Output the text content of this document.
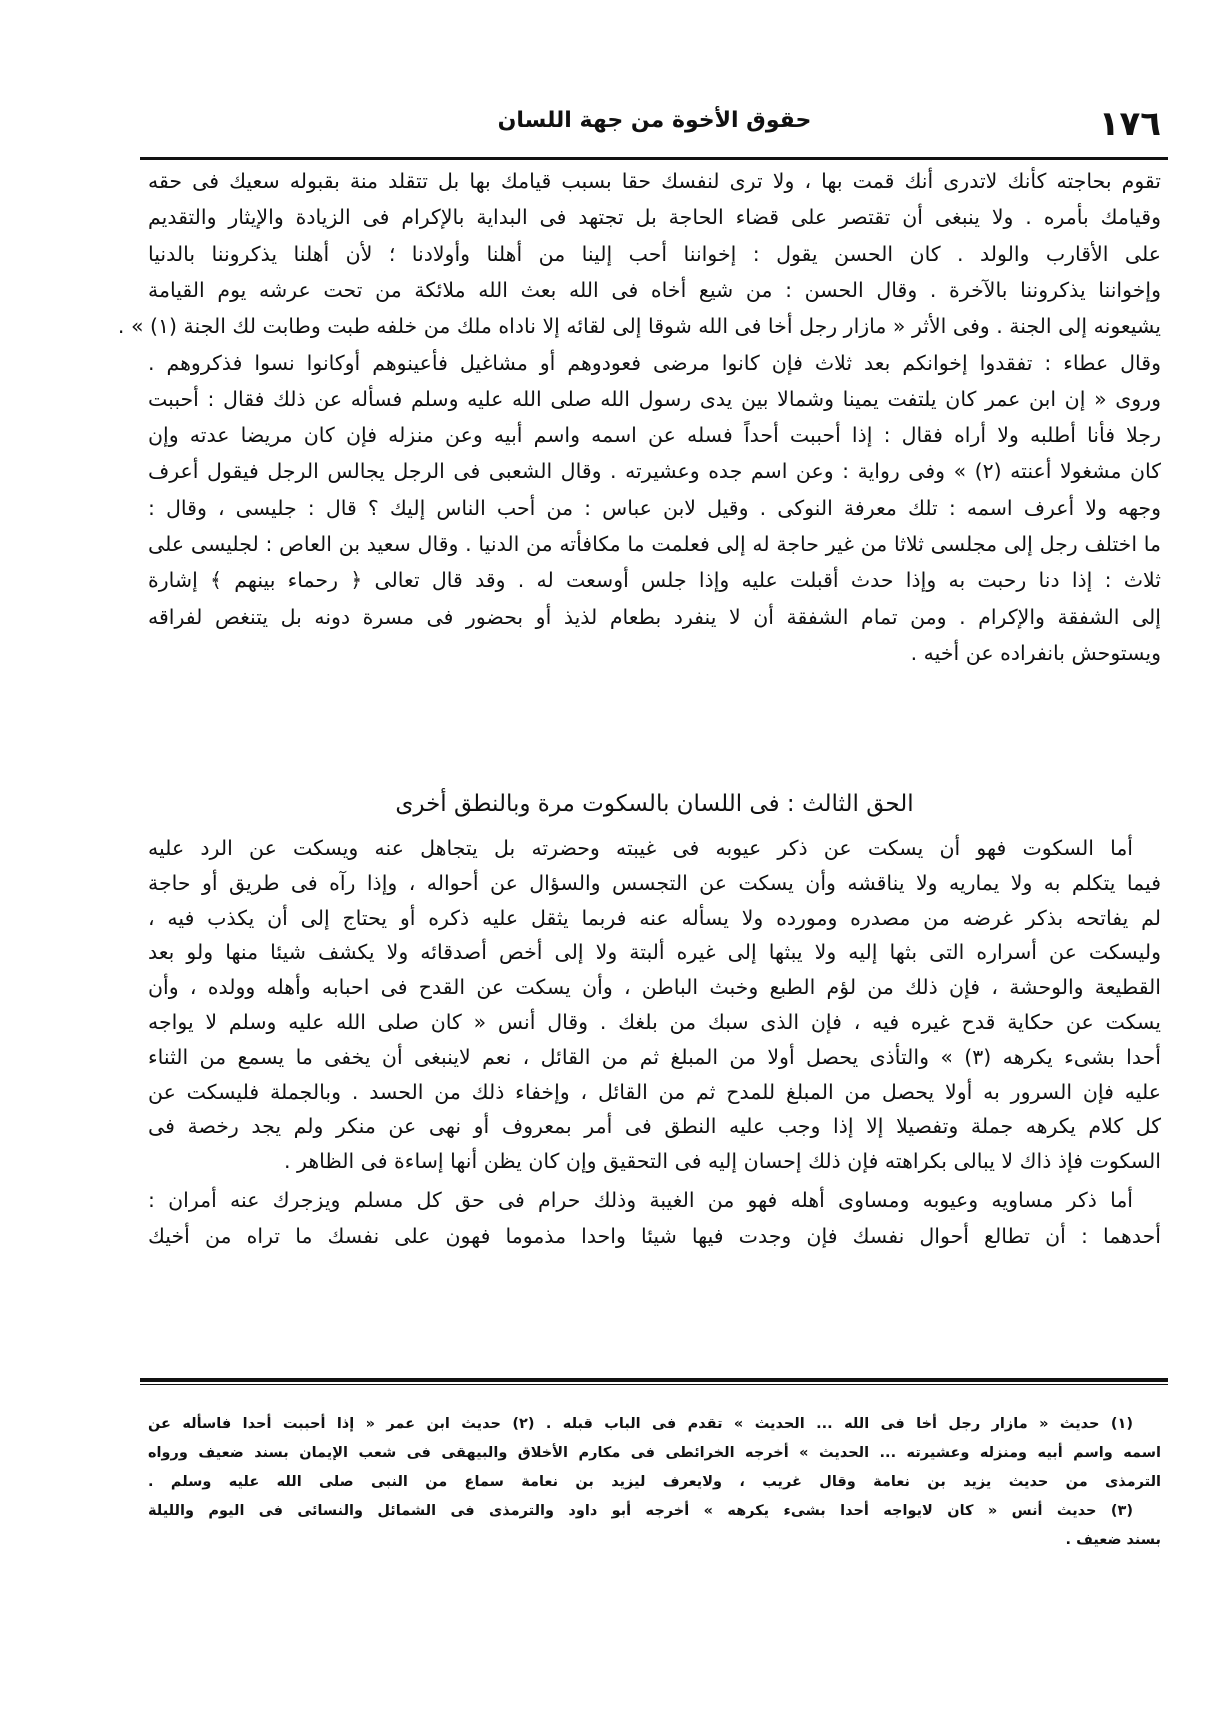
١٧٦
حقوق الأخوة من جهة اللسان
تقوم بحاجته كأنك لاتدرى أنك قمت بها ، ولا ترى لنفسك حقا بسبب قيامك بها بل تتقلد منة بقبوله سعيك فى حقه
وقيامك بأمره . ولا ينبغى أن تقتصر على قضاء الحاجة بل تجتهد فى البداية بالإكرام فى الزيادة والإيثار والتقديم
على الأقارب والولد . كان الحسن يقول : إخواننا أحب إلينا من أهلنا وأولادنا ؛ لأن أهلنا يذكروننا بالدنيا
وإخواننا يذكروننا بالآخرة . وقال الحسن : من شيع أخاه فى الله بعث الله ملائكة من تحت عرشه يوم القيامة
يشيعونه إلى الجنة . وفى الأثر « مازار رجل أخا فى الله شوقا إلى لقائه إلا ناداه ملك من خلفه طبت وطابت لك الجنة (١) » .
وقال عطاء : تفقدوا إخوانكم بعد ثلاث فإن كانوا مرضى فعودوهم أو مشاغيل فأعينوهم أوكانوا نسوا فذكروهم .
وروى « إن ابن عمر كان يلتفت يمينا وشمالا بين يدى رسول الله صلى الله عليه وسلم فسأله عن ذلك فقال : أحببت
رجلا فأنا أطلبه ولا أراه فقال : إذا أحببت أحداً فسله عن اسمه واسم أبيه وعن منزله فإن كان مريضا عدته وإن
كان مشغولا أعنته (٢) » وفى رواية : وعن اسم جده وعشيرته . وقال الشعبى فى الرجل يجالس الرجل فيقول أعرف
وجهه ولا أعرف اسمه : تلك معرفة النوكى . وقيل لابن عباس : من أحب الناس إليك ؟ قال : جليسى ، وقال :
ما اختلف رجل إلى مجلسى ثلاثا من غير حاجة له إلى فعلمت ما مكافأته من الدنيا . وقال سعيد بن العاص : لجليسى على
ثلاث : إذا دنا رحبت به وإذا حدث أقبلت عليه وإذا جلس أوسعت له . وقد قال تعالى ﴿ رحماء بينهم ﴾ إشارة
إلى الشفقة والإكرام . ومن تمام الشفقة أن لا ينفرد بطعام لذيذ أو بحضور فى مسرة دونه بل يتنغص لفراقه
ويستوحش بانفراده عن أخيه .
الحق الثالث : فى اللسان بالسكوت مرة وبالنطق أخرى
أما السكوت فهو أن يسكت عن ذكر عيوبه فى غيبته وحضرته بل يتجاهل عنه ويسكت عن الرد عليه
فيما يتكلم به ولا يماريه ولا يناقشه وأن يسكت عن التجسس والسؤال عن أحواله ، وإذا رآه فى طريق أو حاجة
لم يفاتحه بذكر غرضه من مصدره ومورده ولا يسأله عنه فربما يثقل عليه ذكره أو يحتاج إلى أن يكذب فيه ،
وليسكت عن أسراره التى بثها إليه ولا يبثها إلى غيره ألبتة ولا إلى أخص أصدقائه ولا يكشف شيئا منها ولو بعد
القطيعة والوحشة ، فإن ذلك من لؤم الطبع وخبث الباطن ، وأن يسكت عن القدح فى احبابه وأهله وولده ، وأن
يسكت عن حكاية قدح غيره فيه ، فإن الذى سبك من بلغك . وقال أنس « كان صلى الله عليه وسلم لا يواجه
أحدا بشىء يكرهه (٣) » والتأذى يحصل أولا من المبلغ ثم من القائل ، نعم لاينبغى أن يخفى ما يسمع من الثناء
عليه فإن السرور به أولا يحصل من المبلغ للمدح ثم من القائل ، وإخفاء ذلك من الحسد . وبالجملة فليسكت عن
كل كلام يكرهه جملة وتفصيلا إلا إذا وجب عليه النطق فى أمر بمعروف أو نهى عن منكر ولم يجد رخصة فى
السكوت فإذ ذاك لا يبالى بكراهته فإن ذلك إحسان إليه فى التحقيق وإن كان يظن أنها إساءة فى الظاهر .
أما ذكر مساويه وعيوبه ومساوى أهله فهو من الغيبة وذلك حرام فى حق كل مسلم ويزجرك عنه أمران :
أحدهما : أن تطالع أحوال نفسك فإن وجدت فيها شيئا واحدا مذموما فهون على نفسك ما تراه من أخيك
(١) حديث « مازار رجل أخا فى الله ... الحديث » تقدم فى الباب قبله . (٢) حديث ابن عمر « إذا أحببت أحدا فاسأله عن
اسمه واسم أبيه ومنزله وعشيرته ... الحديث » أخرجه الخرائطى فى مكارم الأخلاق والبيهقى فى شعب الإيمان بسند ضعيف ورواه
الترمذى من حديث يزيد بن نعامة وقال غريب ، ولايعرف ليزيد بن نعامة سماع من النبى صلى الله عليه وسلم .
(٣) حديث أنس « كان لايواجه أحدا بشىء يكرهه » أخرجه أبو داود والترمذى فى الشمائل والنسائى فى اليوم والليلة
بسند ضعيف .
